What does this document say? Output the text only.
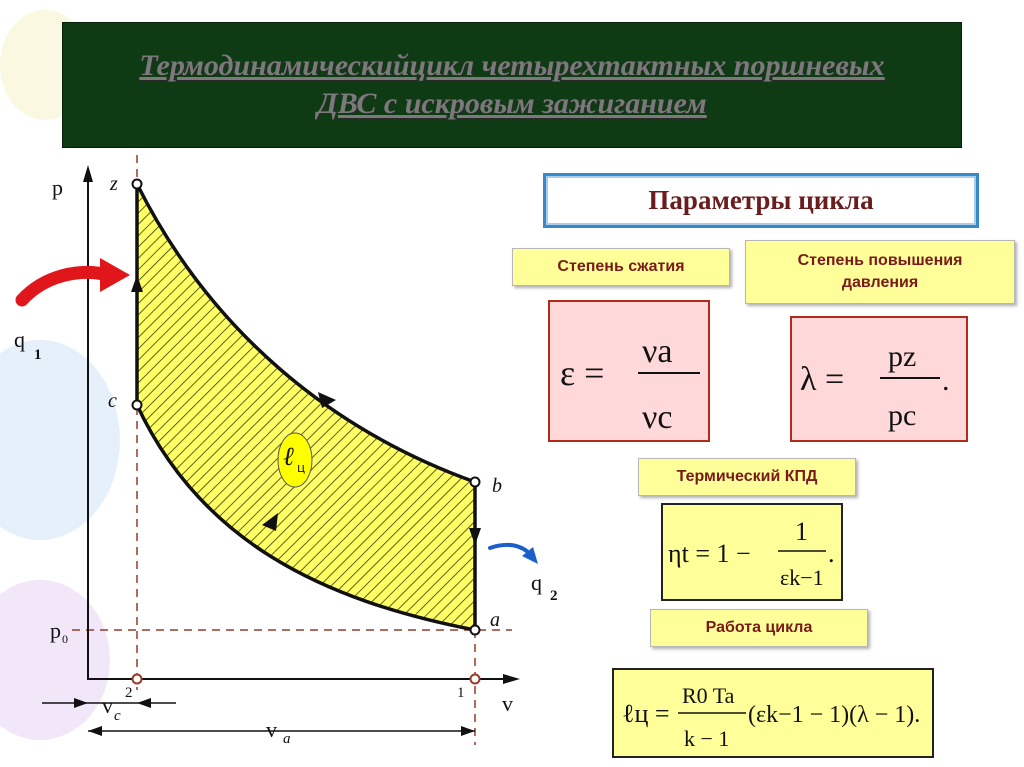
Термодинамическийцикл четырехтактных поршневых
ДВС с искровым зажиганием
Параметры цикла
Степень сжатия	Степень повышения
давления
Термический КПД
Работа цикла
ℓ ц
p z
c
b
a
q
1
q
2
p 0
v
2	1
v c
v a
ε =
νa
νc
λ =
pz
pc
.
ηt = 1 −
1
εk−1
.
ℓц =
R0 Ta
k − 1
(εk−1 − 1)(λ − 1).
